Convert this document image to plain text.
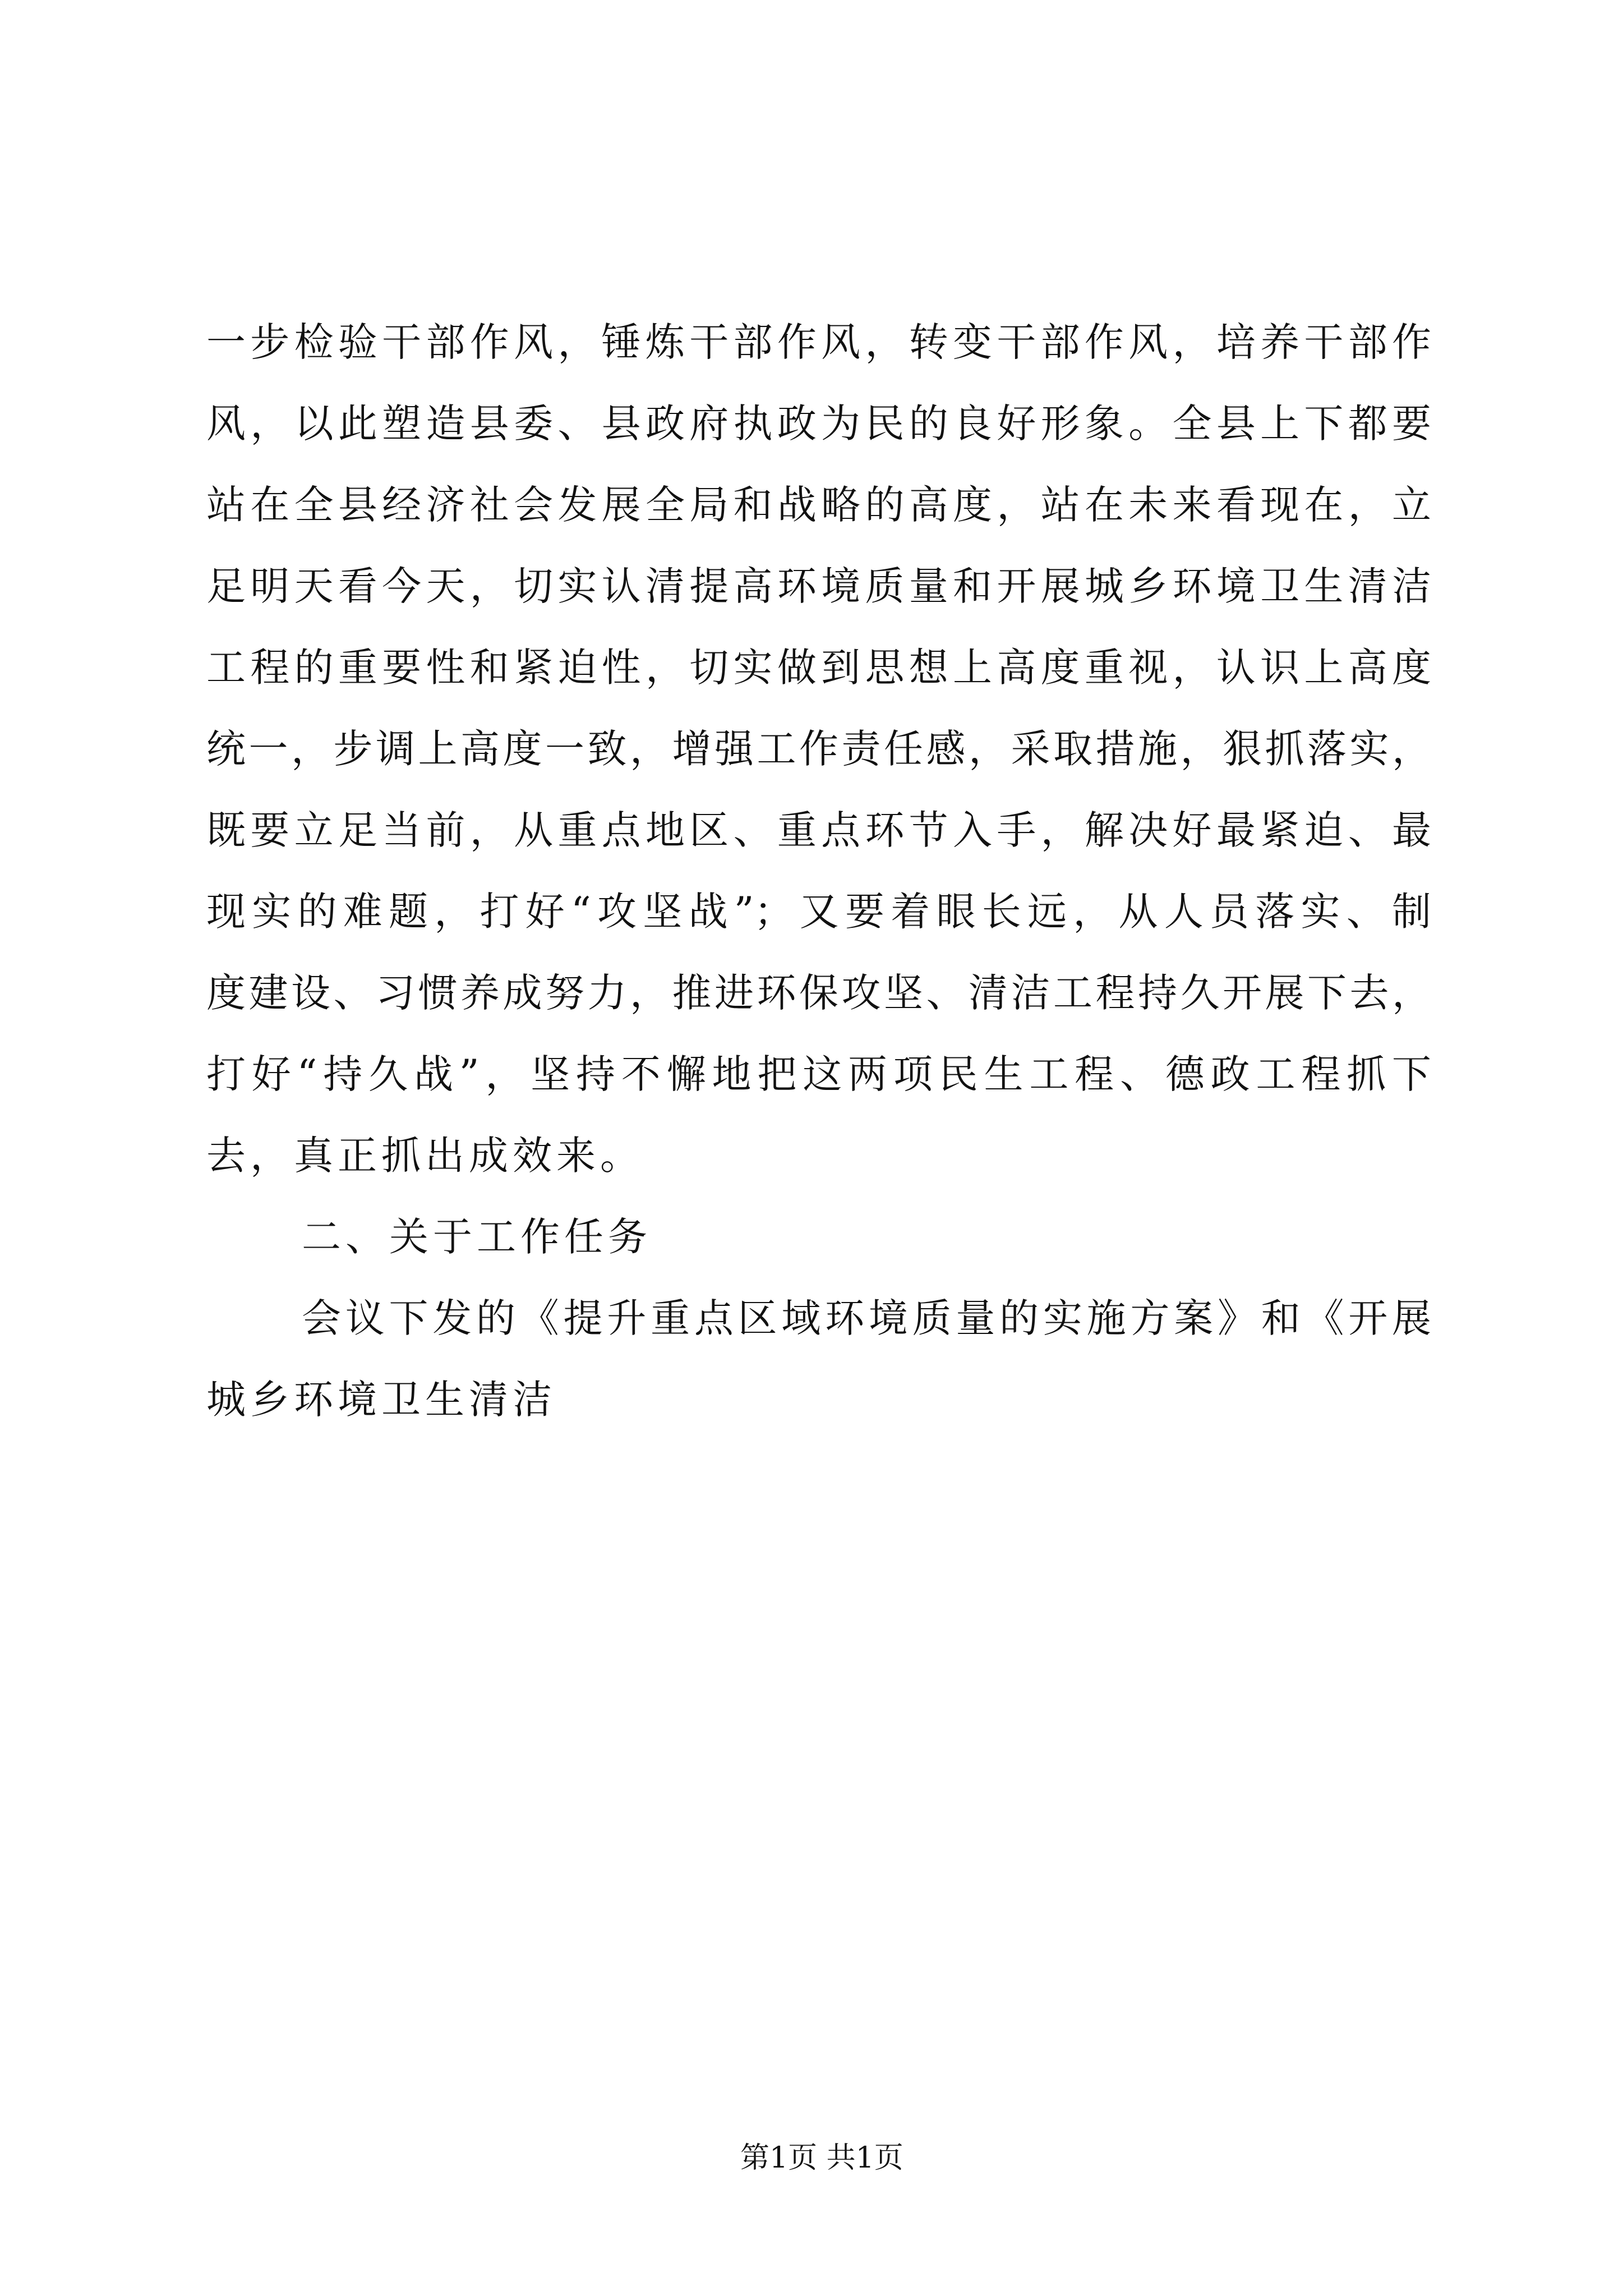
一步检验干部作风，锤炼干部作风，转变干部作风，培养干部作
风，以此塑造县委、县政府执政为民的良好形象。全县上下都要
站在全县经济社会发展全局和战略的高度，站在未来看现在，立
足明天看今天，切实认清提高环境质量和开展城乡环境卫生清洁
工程的重要性和紧迫性，切实做到思想上高度重视，认识上高度
统一，步调上高度一致，增强工作责任感，采取措施，狠抓落实，
既要立足当前，从重点地区、重点环节入手，解决好最紧迫、最
现实的难题，打好“攻坚战”；又要着眼长远，从人员落实、制
度建设、习惯养成努力，推进环保攻坚、清洁工程持久开展下去，
打好“持久战”，坚持不懈地把这两项民生工程、德政工程抓下
去，真正抓出成效来。
二、关于工作任务
会议下发的《提升重点区域环境质量的实施方案》和《开展
城乡环境卫生清洁
第1页 共1页
